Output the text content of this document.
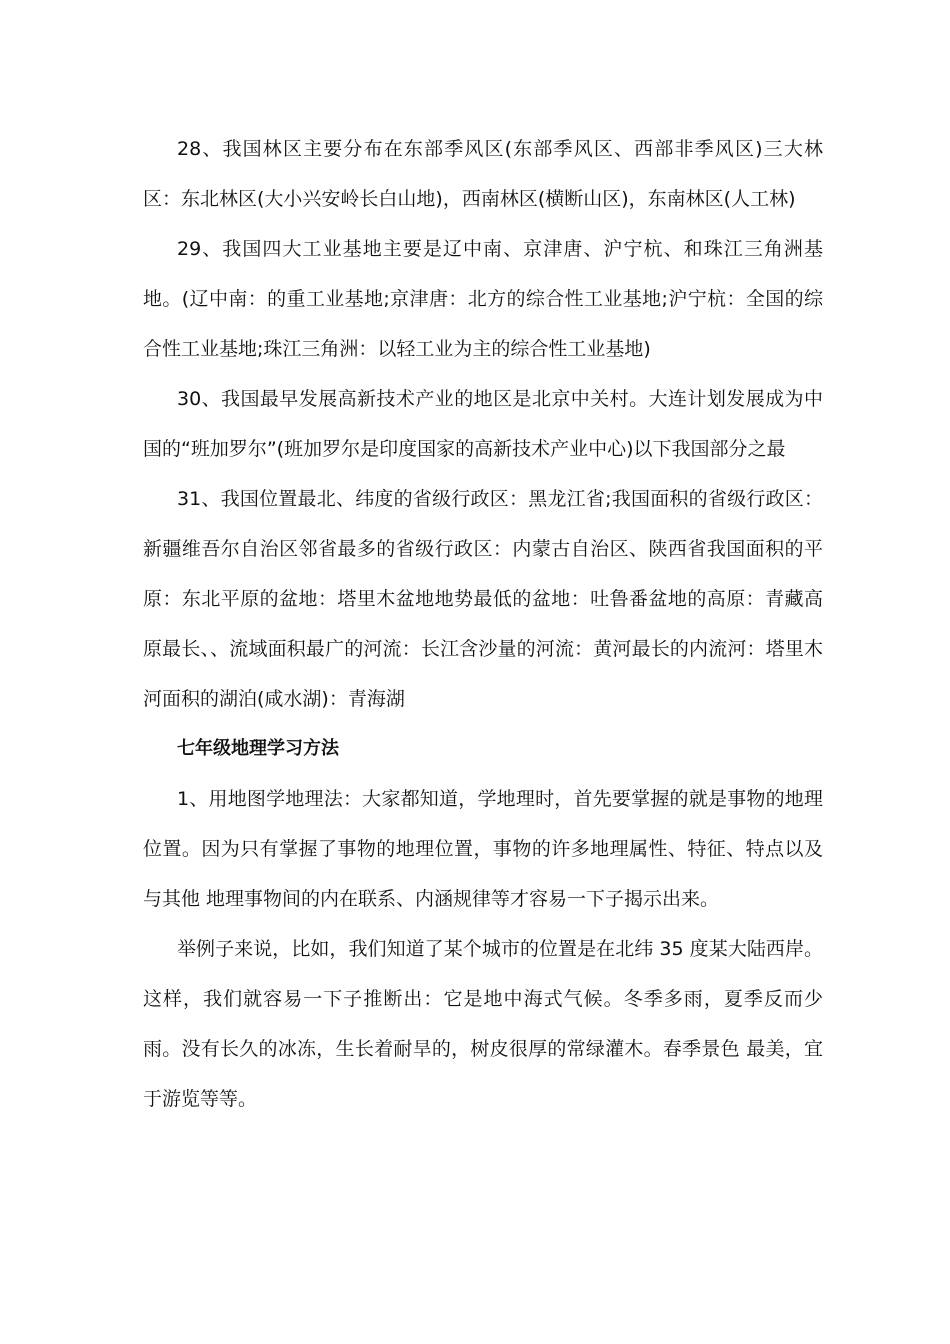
28、我国林区主要分布在东部季风区(东部季风区、西部非季风区)三大林区：东北林区(大小兴安岭长白山地)，西南林区(横断山区)，东南林区(人工林)

29、我国四大工业基地主要是辽中南、京津唐、沪宁杭、和珠江三角洲基地。(辽中南：的重工业基地;京津唐：北方的综合性工业基地;沪宁杭：全国的综合性工业基地;珠江三角洲：以轻工业为主的综合性工业基地)

30、我国最早发展高新技术产业的地区是北京中关村。大连计划发展成为中国的“班加罗尔”(班加罗尔是印度国家的高新技术产业中心)以下我国部分之最

31、我国位置最北、纬度的省级行政区：黑龙江省;我国面积的省级行政区：新疆维吾尔自治区邻省最多的省级行政区：内蒙古自治区、陕西省我国面积的平原：东北平原的盆地：塔里木盆地地势最低的盆地：吐鲁番盆地的高原：青藏高原最长、、流域面积最广的河流：长江含沙量的河流：黄河最长的内流河：塔里木河面积的湖泊(咸水湖)：青海湖

七年级地理学习方法

1、用地图学地理法：大家都知道，学地理时，首先要掌握的就是事物的地理位置。因为只有掌握了事物的地理位置，事物的许多地理属性、特征、特点以及与其他 地理事物间的内在联系、内涵规律等才容易一下子揭示出来。

举例子来说，比如，我们知道了某个城市的位置是在北纬 35 度某大陆西岸。这样，我们就容易一下子推断出：它是地中海式气候。冬季多雨，夏季反而少雨。没有长久的冰冻，生长着耐旱的，树皮很厚的常绿灌木。春季景色 最美，宜于游览等等。
